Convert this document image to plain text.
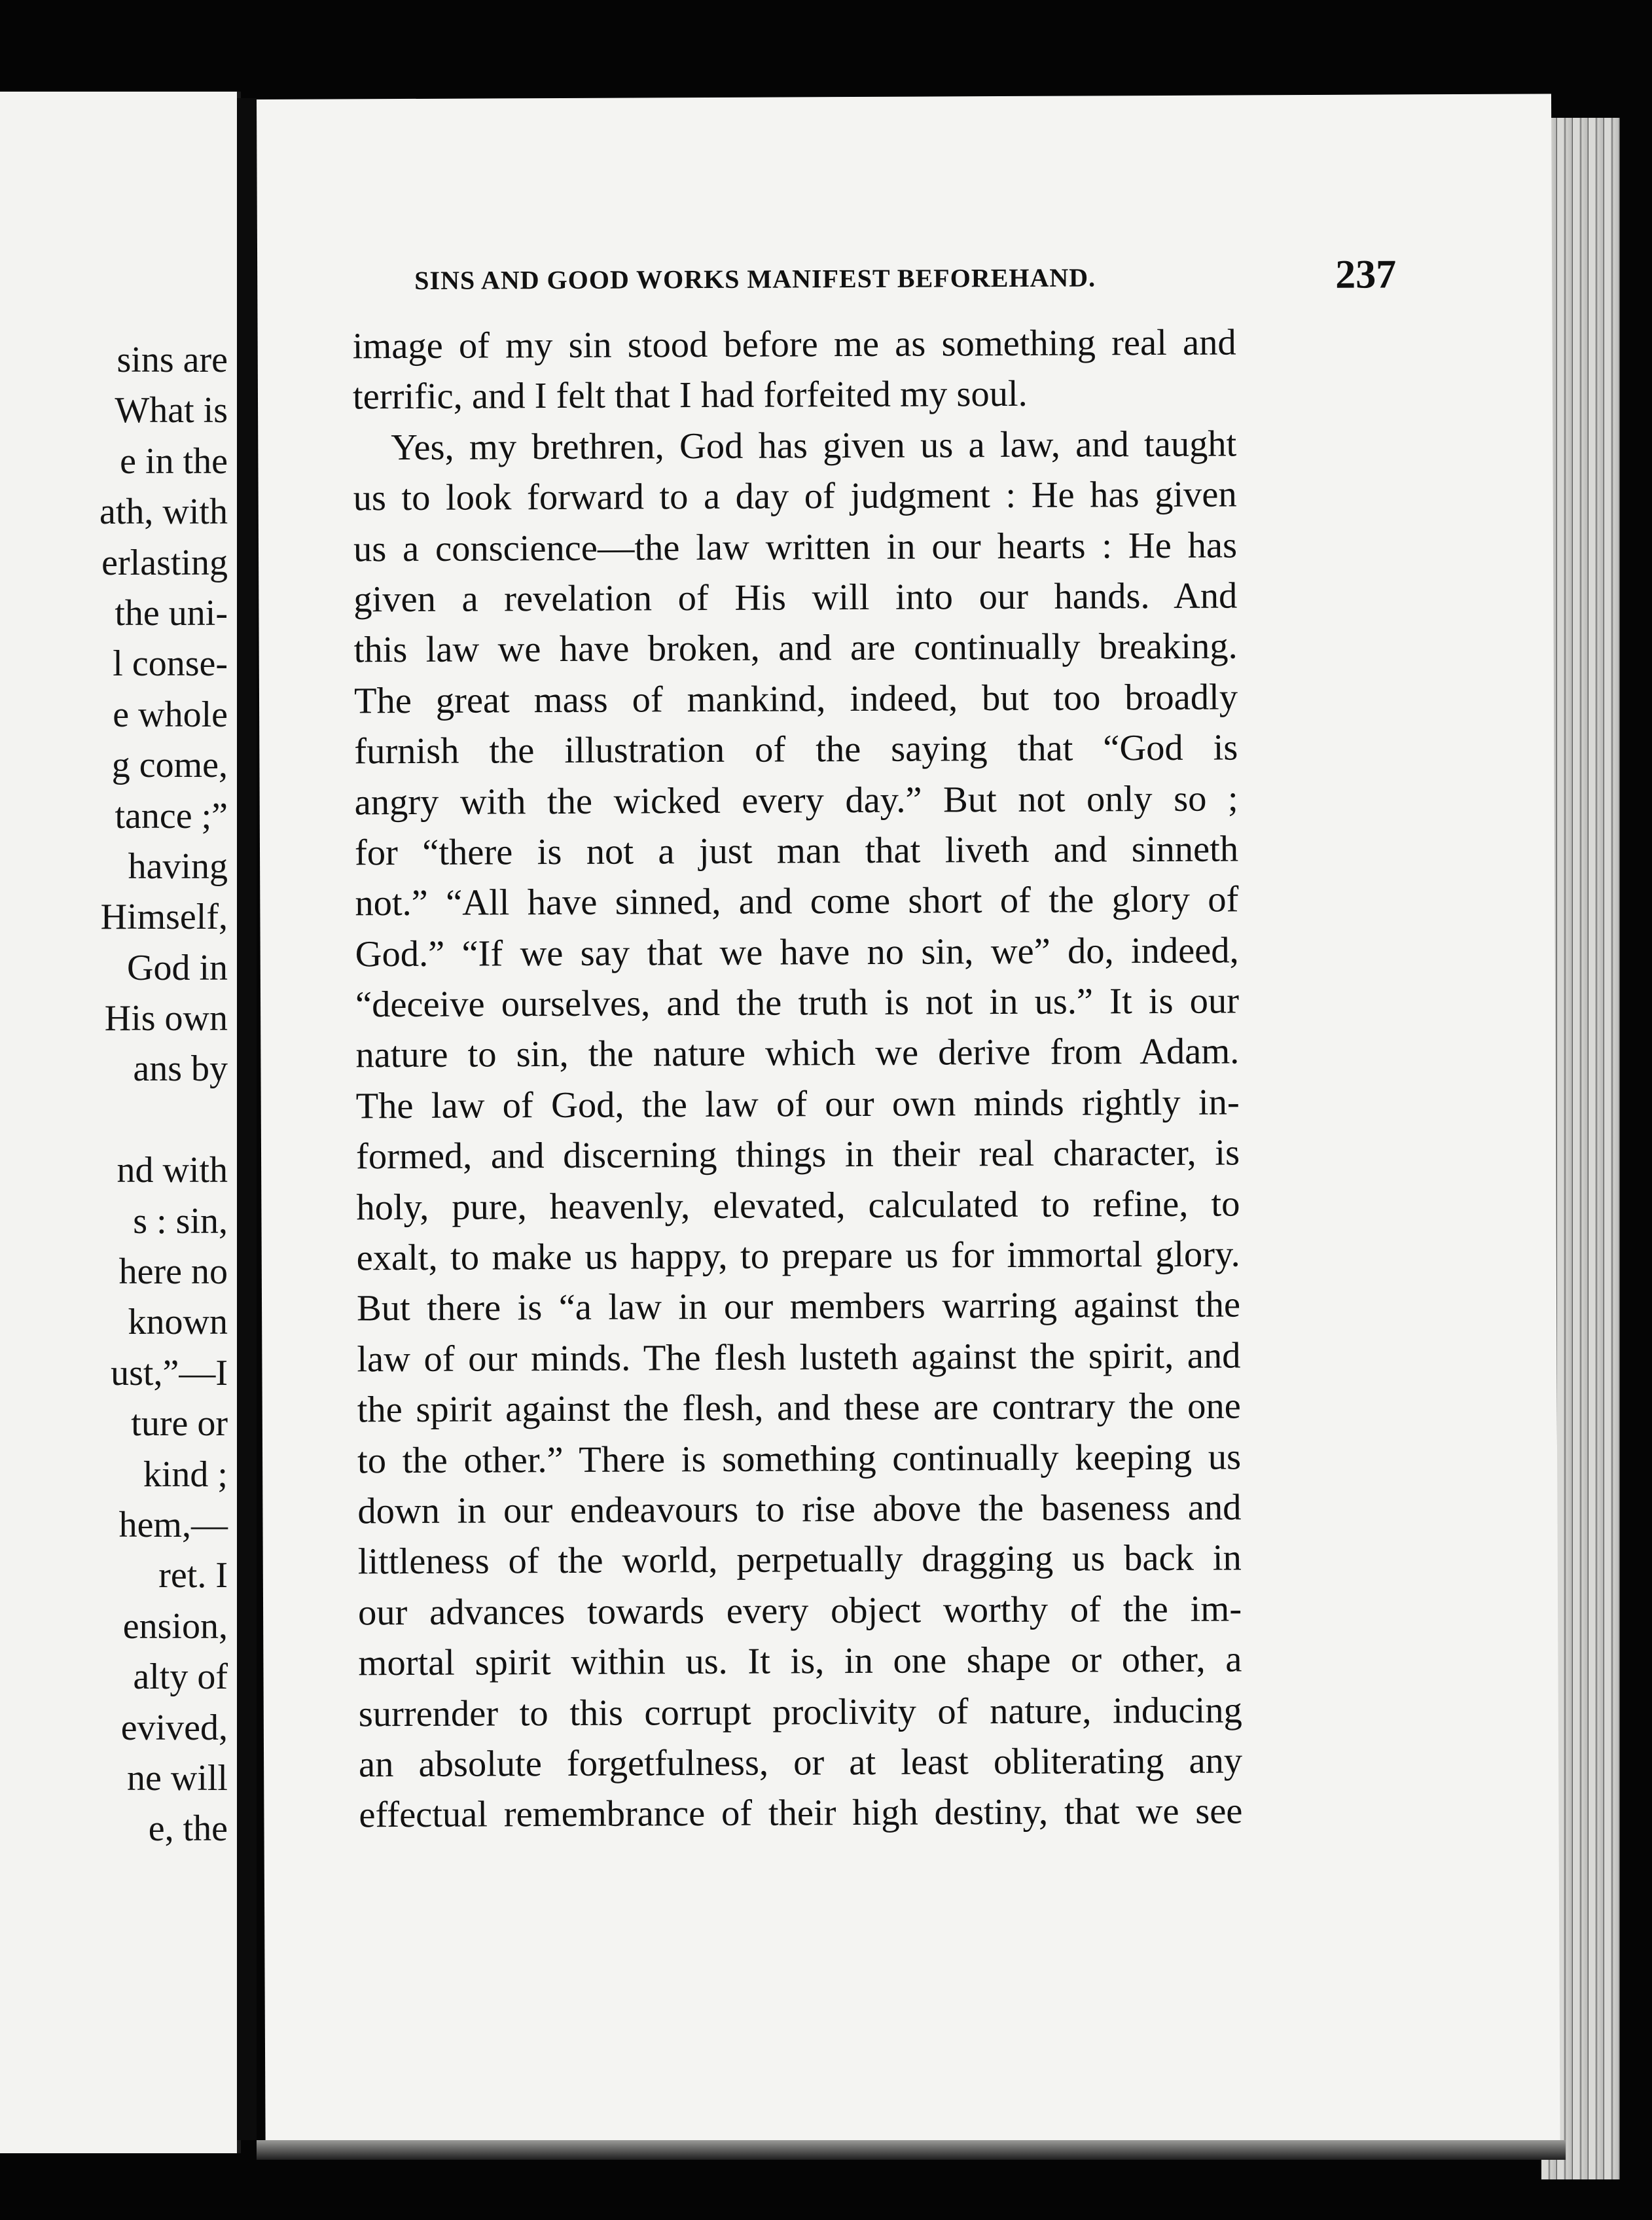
sins are
What is
e in the
ath, with
erlasting
the uni-
l conse-
e whole
g come,
tance ;”
having
Himself,
God in
His own
ans by
nd with
s : sin,
here no
known
ust,”—I
ture or
kind ;
hem,—
ret. I
ension,
alty of
evived,
ne will
e, the
SINS AND GOOD WORKS MANIFEST BEFOREHAND.	237
image of my sin stood before me as something real and
terrific, and I felt that I had forfeited my soul.
Yes, my brethren, God has given us a law, and taught
us to look forward to a day of judgment : He has given
us a conscience—the law written in our hearts : He has
given a revelation of His will into our hands. And
this law we have broken, and are continually breaking.
The great mass of mankind, indeed, but too broadly
furnish the illustration of the saying that “God is
angry with the wicked every day.” But not only so ;
for “there is not a just man that liveth and sinneth
not.” “All have sinned, and come short of the glory of
God.” “If we say that we have no sin, we” do, indeed,
“deceive ourselves, and the truth is not in us.” It is our
nature to sin, the nature which we derive from Adam.
The law of God, the law of our own minds rightly in-
formed, and discerning things in their real character, is
holy, pure, heavenly, elevated, calculated to refine, to
exalt, to make us happy, to prepare us for immortal glory.
But there is “a law in our members warring against the
law of our minds. The flesh lusteth against the spirit, and
the spirit against the flesh, and these are contrary the one
to the other.” There is something continually keeping us
down in our endeavours to rise above the baseness and
littleness of the world, perpetually dragging us back in
our advances towards every object worthy of the im-
mortal spirit within us. It is, in one shape or other, a
surrender to this corrupt proclivity of nature, inducing
an absolute forgetfulness, or at least obliterating any
effectual remembrance of their high destiny, that we see
